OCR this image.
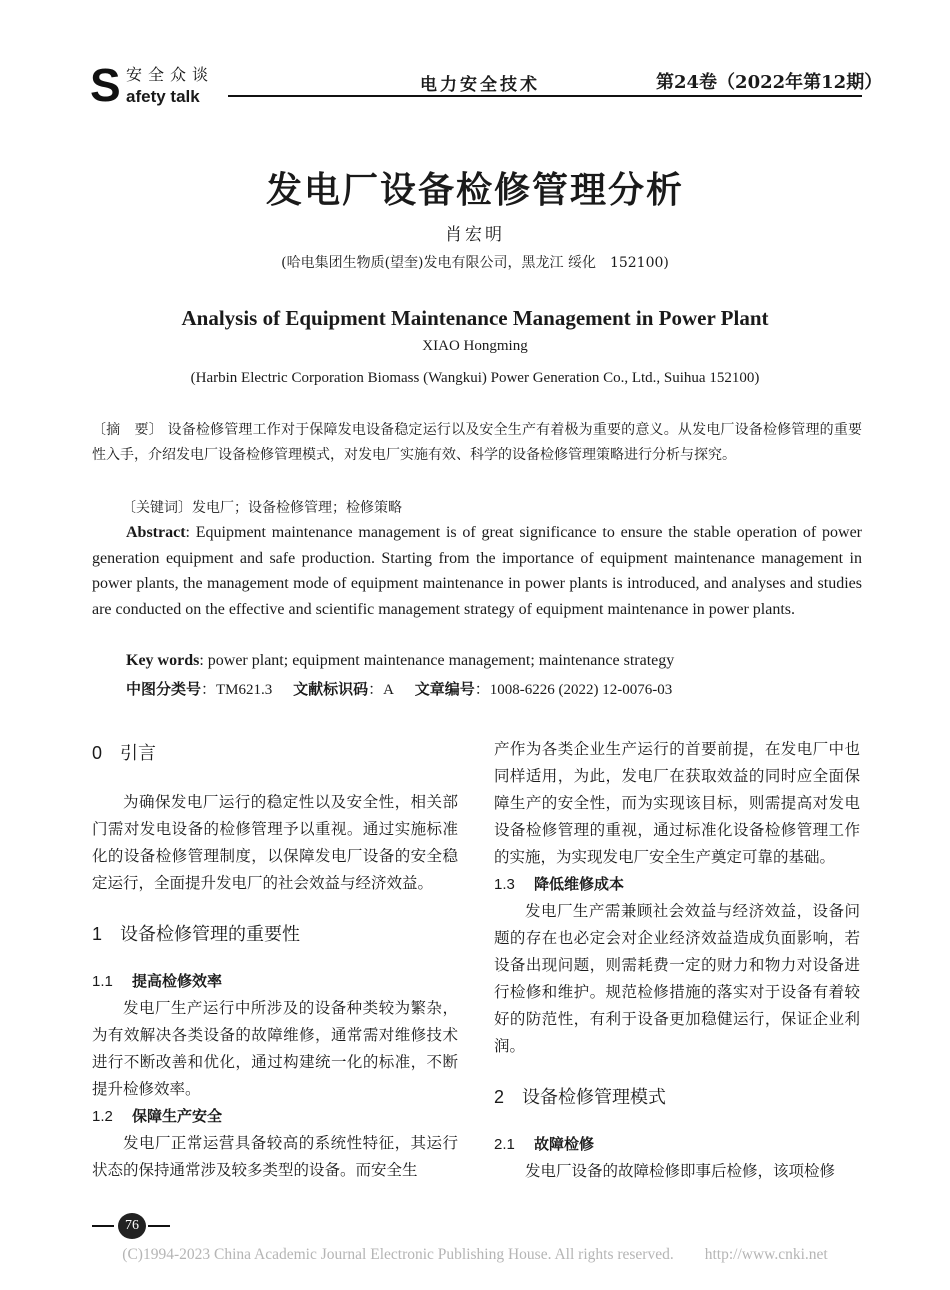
S 安全众谈
afety talk
电力安全技术	第24卷（2022年第12期）
发电厂设备检修管理分析
肖宏明
(哈电集团生物质(望奎)发电有限公司，黑龙江 绥化　152100)
Analysis of Equipment Maintenance Management in Power Plant
XIAO Hongming
(Harbin Electric Corporation Biomass (Wangkui) Power Generation Co., Ltd., Suihua 152100)
〔摘　要〕 设备检修管理工作对于保障发电设备稳定运行以及安全生产有着极为重要的意义。从发电厂设备检修管理的重要性入手，介绍发电厂设备检修管理模式，对发电厂实施有效、科学的设备检修管理策略进行分析与探究。
〔关键词〕发电厂；设备检修管理；检修策略
Abstract: Equipment maintenance management is of great significance to ensure the stable operation of power generation equipment and safe production. Starting from the importance of equipment maintenance management in power plants, the management mode of equipment maintenance in power plants is introduced, and analyses and studies are conducted on the effective and scientific management strategy of equipment maintenance in power plants.
Key words: power plant; equipment maintenance management; maintenance strategy
中图分类号：TM621.3 文献标识码：A 文章编号：1008-6226 (2022) 12-0076-03
0 引言

为确保发电厂运行的稳定性以及安全性，相关部门需对发电设备的检修管理予以重视。通过实施标准化的设备检修管理制度，以保障发电厂设备的安全稳定运行，全面提升发电厂的社会效益与经济效益。

1 设备检修管理的重要性
1.1 提高检修效率

发电厂生产运行中所涉及的设备种类较为繁杂，为有效解决各类设备的故障维修，通常需对维修技术进行不断改善和优化，通过构建统一化的标准，不断提升检修效率。

1.2 保障生产安全

发电厂正常运营具备较高的系统性特征，其运行状态的保持通常涉及较多类型的设备。而安全生

产作为各类企业生产运行的首要前提，在发电厂中也同样适用，为此，发电厂在获取效益的同时应全面保障生产的安全性，而为实现该目标，则需提高对发电设备检修管理的重视，通过标准化设备检修管理工作的实施，为实现发电厂安全生产奠定可靠的基础。

1.3 降低维修成本

发电厂生产需兼顾社会效益与经济效益，设备问题的存在也必定会对企业经济效益造成负面影响，若设备出现问题，则需耗费一定的财力和物力对设备进行检修和维护。规范检修措施的落实对于设备有着较好的防范性，有利于设备更加稳健运行，保证企业利润。

2 设备检修管理模式
2.1 故障检修

发电厂设备的故障检修即事后检修，该项检修

76
(C)1994-2023 China Academic Journal Electronic Publishing House. All rights reserved.　　http://www.cnki.net
